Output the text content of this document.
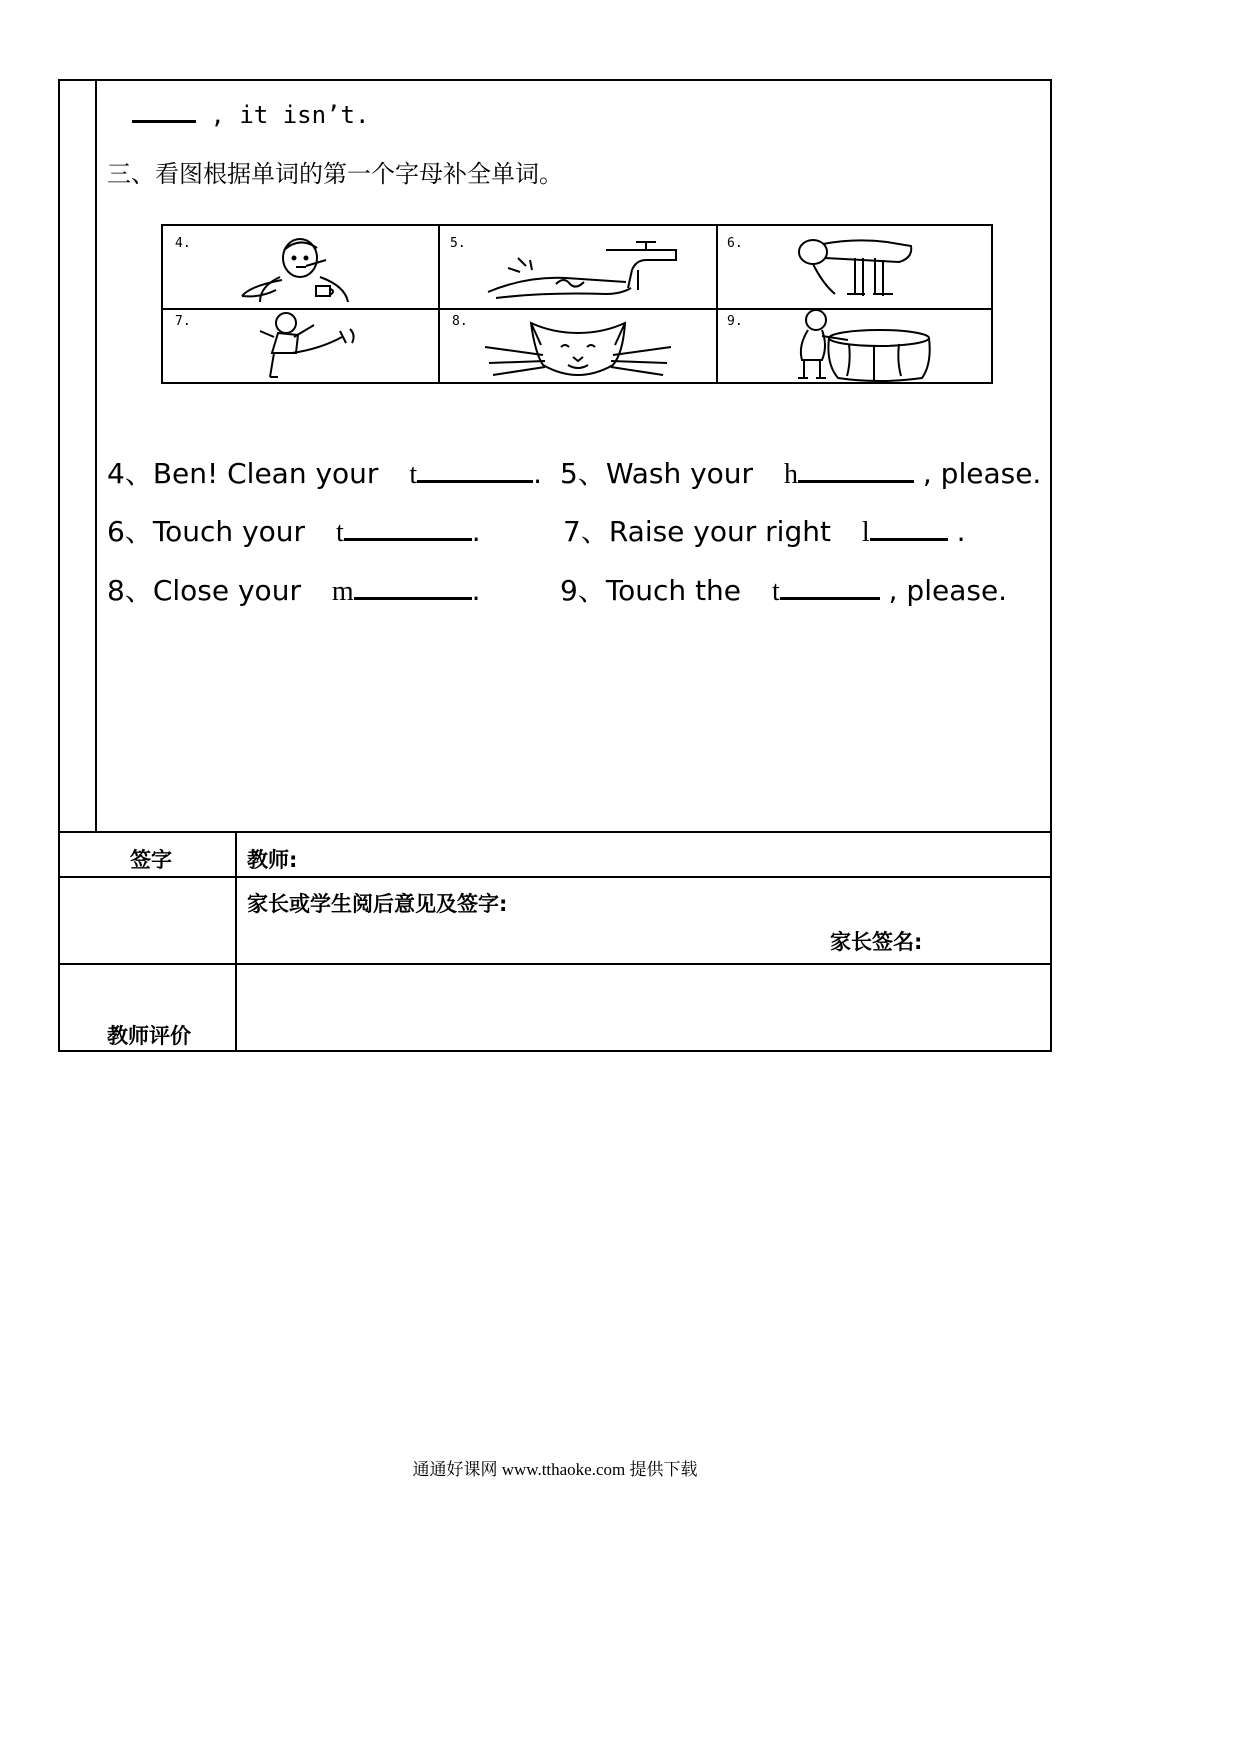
, it isn’t.
三、看图根据单词的第一个字母补全单词。
4.	5.	6.
7.	8.	9.
4、Ben! Clean your t	. 5、Wash your h	, please.
6、Touch your t	.	7、Raise your right l	.
8、Close your m	.	9、Touch the t	, please.
签字	教师:
家长或学生阅后意见及签字:
家长签名:
教师评价
通通好课网 www.tthaoke.com 提供下载
